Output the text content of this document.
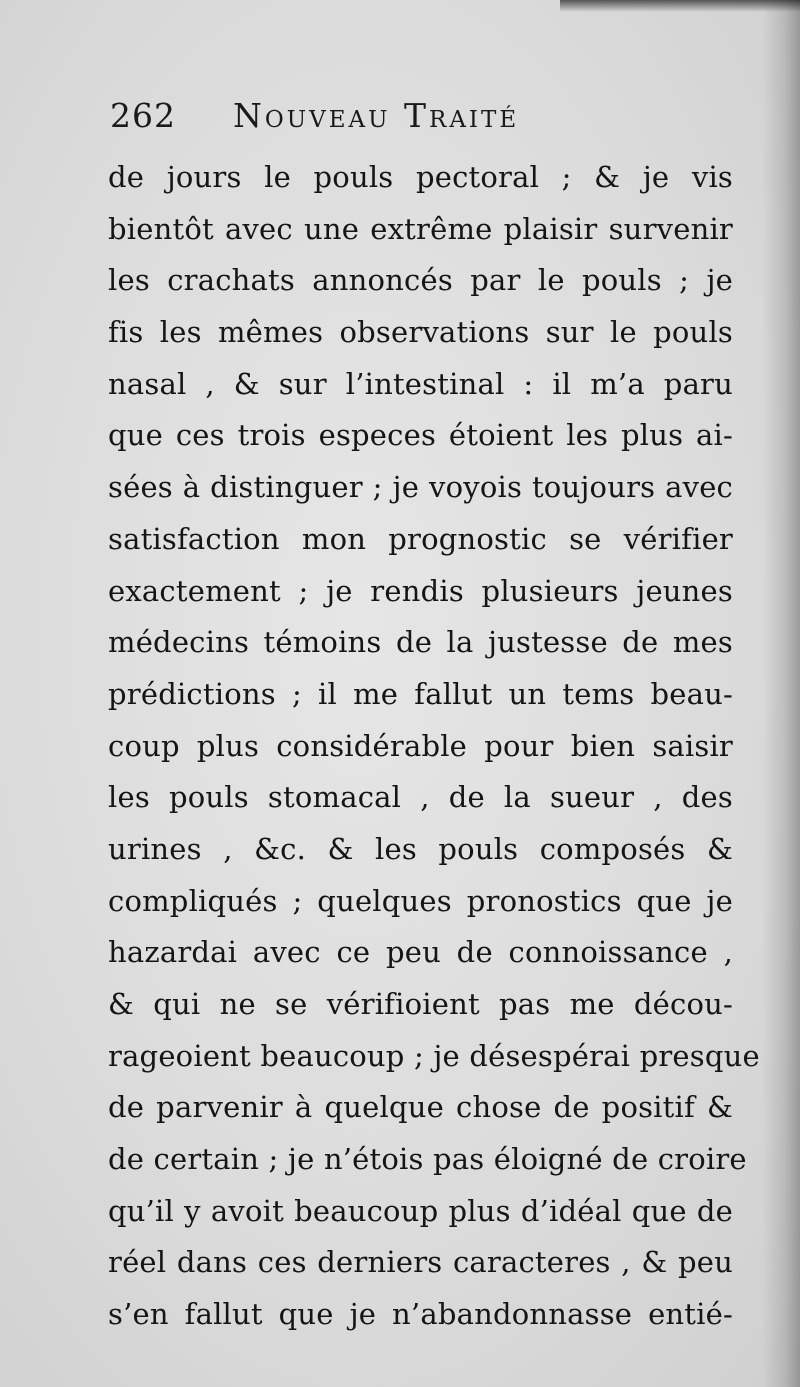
262 Nouveau Traité
de jours le pouls pectoral ; & je vis
bientôt avec une extrême plaisir survenir
les crachats annoncés par le pouls ; je
fis les mêmes observations sur le pouls
nasal , & sur l’intestinal : il m’a paru
que ces trois especes étoient les plus ai-
sées à distinguer ; je voyois toujours avec
satisfaction mon prognostic se vérifier
exactement ; je rendis plusieurs jeunes
médecins témoins de la justesse de mes
prédictions ; il me fallut un tems beau-
coup plus considérable pour bien saisir
les pouls stomacal , de la sueur , des
urines , &c. & les pouls composés &
compliqués ; quelques pronostics que je
hazardai avec ce peu de connoissance ,
& qui ne se vérifioient pas me décou-
rageoient beaucoup ; je désespérai presque
de parvenir à quelque chose de positif &
de certain ; je n’étois pas éloigné de croire
qu’il y avoit beaucoup plus d’idéal que de
réel dans ces derniers caracteres , & peu
s’en fallut que je n’abandonnasse entié-
